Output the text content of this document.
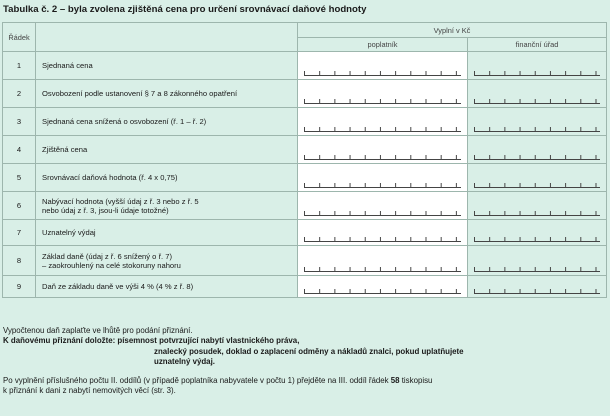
Tabulka č. 2 – byla zvolena zjištěná cena pro určení srovnávací daňové hodnoty
Řádek		Vyplní v Kč	
		poplatník	finanční úřad
1	Sjednaná cena	

2	Osvobození podle ustanovení § 7 a 8 zákonného opatření	

3	Sjednaná cena snížená o osvobození (ř. 1 – ř. 2)	

4	Zjištěná cena	

5	Srovnávací daňová hodnota (ř. 4 x 0,75)	

6	Nabývací hodnota (vyšší údaj z ř. 3 nebo z ř. 5
nebo údaj z ř. 3, jsou-li údaje totožné)		

7	Uznatelný výdaj	

8	Základ daně (údaj z ř. 6 snížený o ř. 7)
– zaokrouhlený na celé stokoruny nahoru		

9	Daň ze základu daně ve výši 4 % (4 % z ř. 8)	

Vypočtenou daň zaplaťte ve lhůtě pro podání přiznání.

K daňovému přiznání doložte: písemnost potvrzující nabytí vlastnického práva,

znalecký posudek, doklad o zaplacení odměny a nákladů znalci, pokud uplatňujete

uznatelný výdaj.

Po vyplnění příslušného počtu II. oddílů (v případě poplatníka nabyvatele v počtu 1) přejděte na III. oddíl řádek 58 tiskopisu

k přiznání k dani z nabytí nemovitých věcí (str. 3).
